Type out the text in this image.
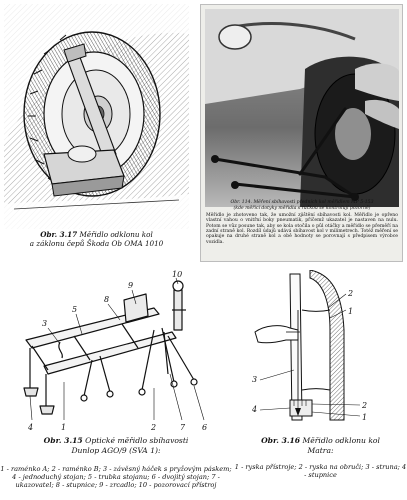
Obr. 3.17 Měřidlo odklonu kol
a záklonu čepů Škoda Ob OMA 1010
Obr. 114. Měření sbíhavosti předních kol měřidlem MP 5-153
(kde měřicí dotyky měřidla s ručkou se kontrolují pozorně)
Měřidlo je zhotoveno tak, že umožní zjištění sbíhavosti kol. Měřidlo je opřeno vlastní vahou o vnitřní boky pneumatik, přičemž ukazatel je nastaven na nulu. Potom se vůz posune tak, aby se kola otočila o půl otáčky a měřidlo se přeměří na zadní straně kol. Rozdíl údajů udává sbíhavost kol v milimetrech. Totéž měření se opakuje na druhé straně kol a obě hodnoty se porovnají s předpisem výrobce vozidla.
3
5
8
9
10
4	1	2	7 6
Obr. 3.15 Optické měřidlo sbíhavosti
Dunlop AGO/9 (SVA 1):
1 - raménko A; 2 - raménko B; 3 - závěsný háček s pryžovým páskem; 4 - jednoduchý stojan; 5 - trubka stojanu; 6 - dvojitý stojan; 7 - ukazovatel; 8 - stupnice; 9 - zrcadlo; 10 - pozorovací přístroj
2
1
3
4	2
1
Obr. 3.16 Měřidlo odklonu kol
Matra:
1 - ryska přístroje; 2 - ryska na obruči; 3 - struna; 4 - stupnice
